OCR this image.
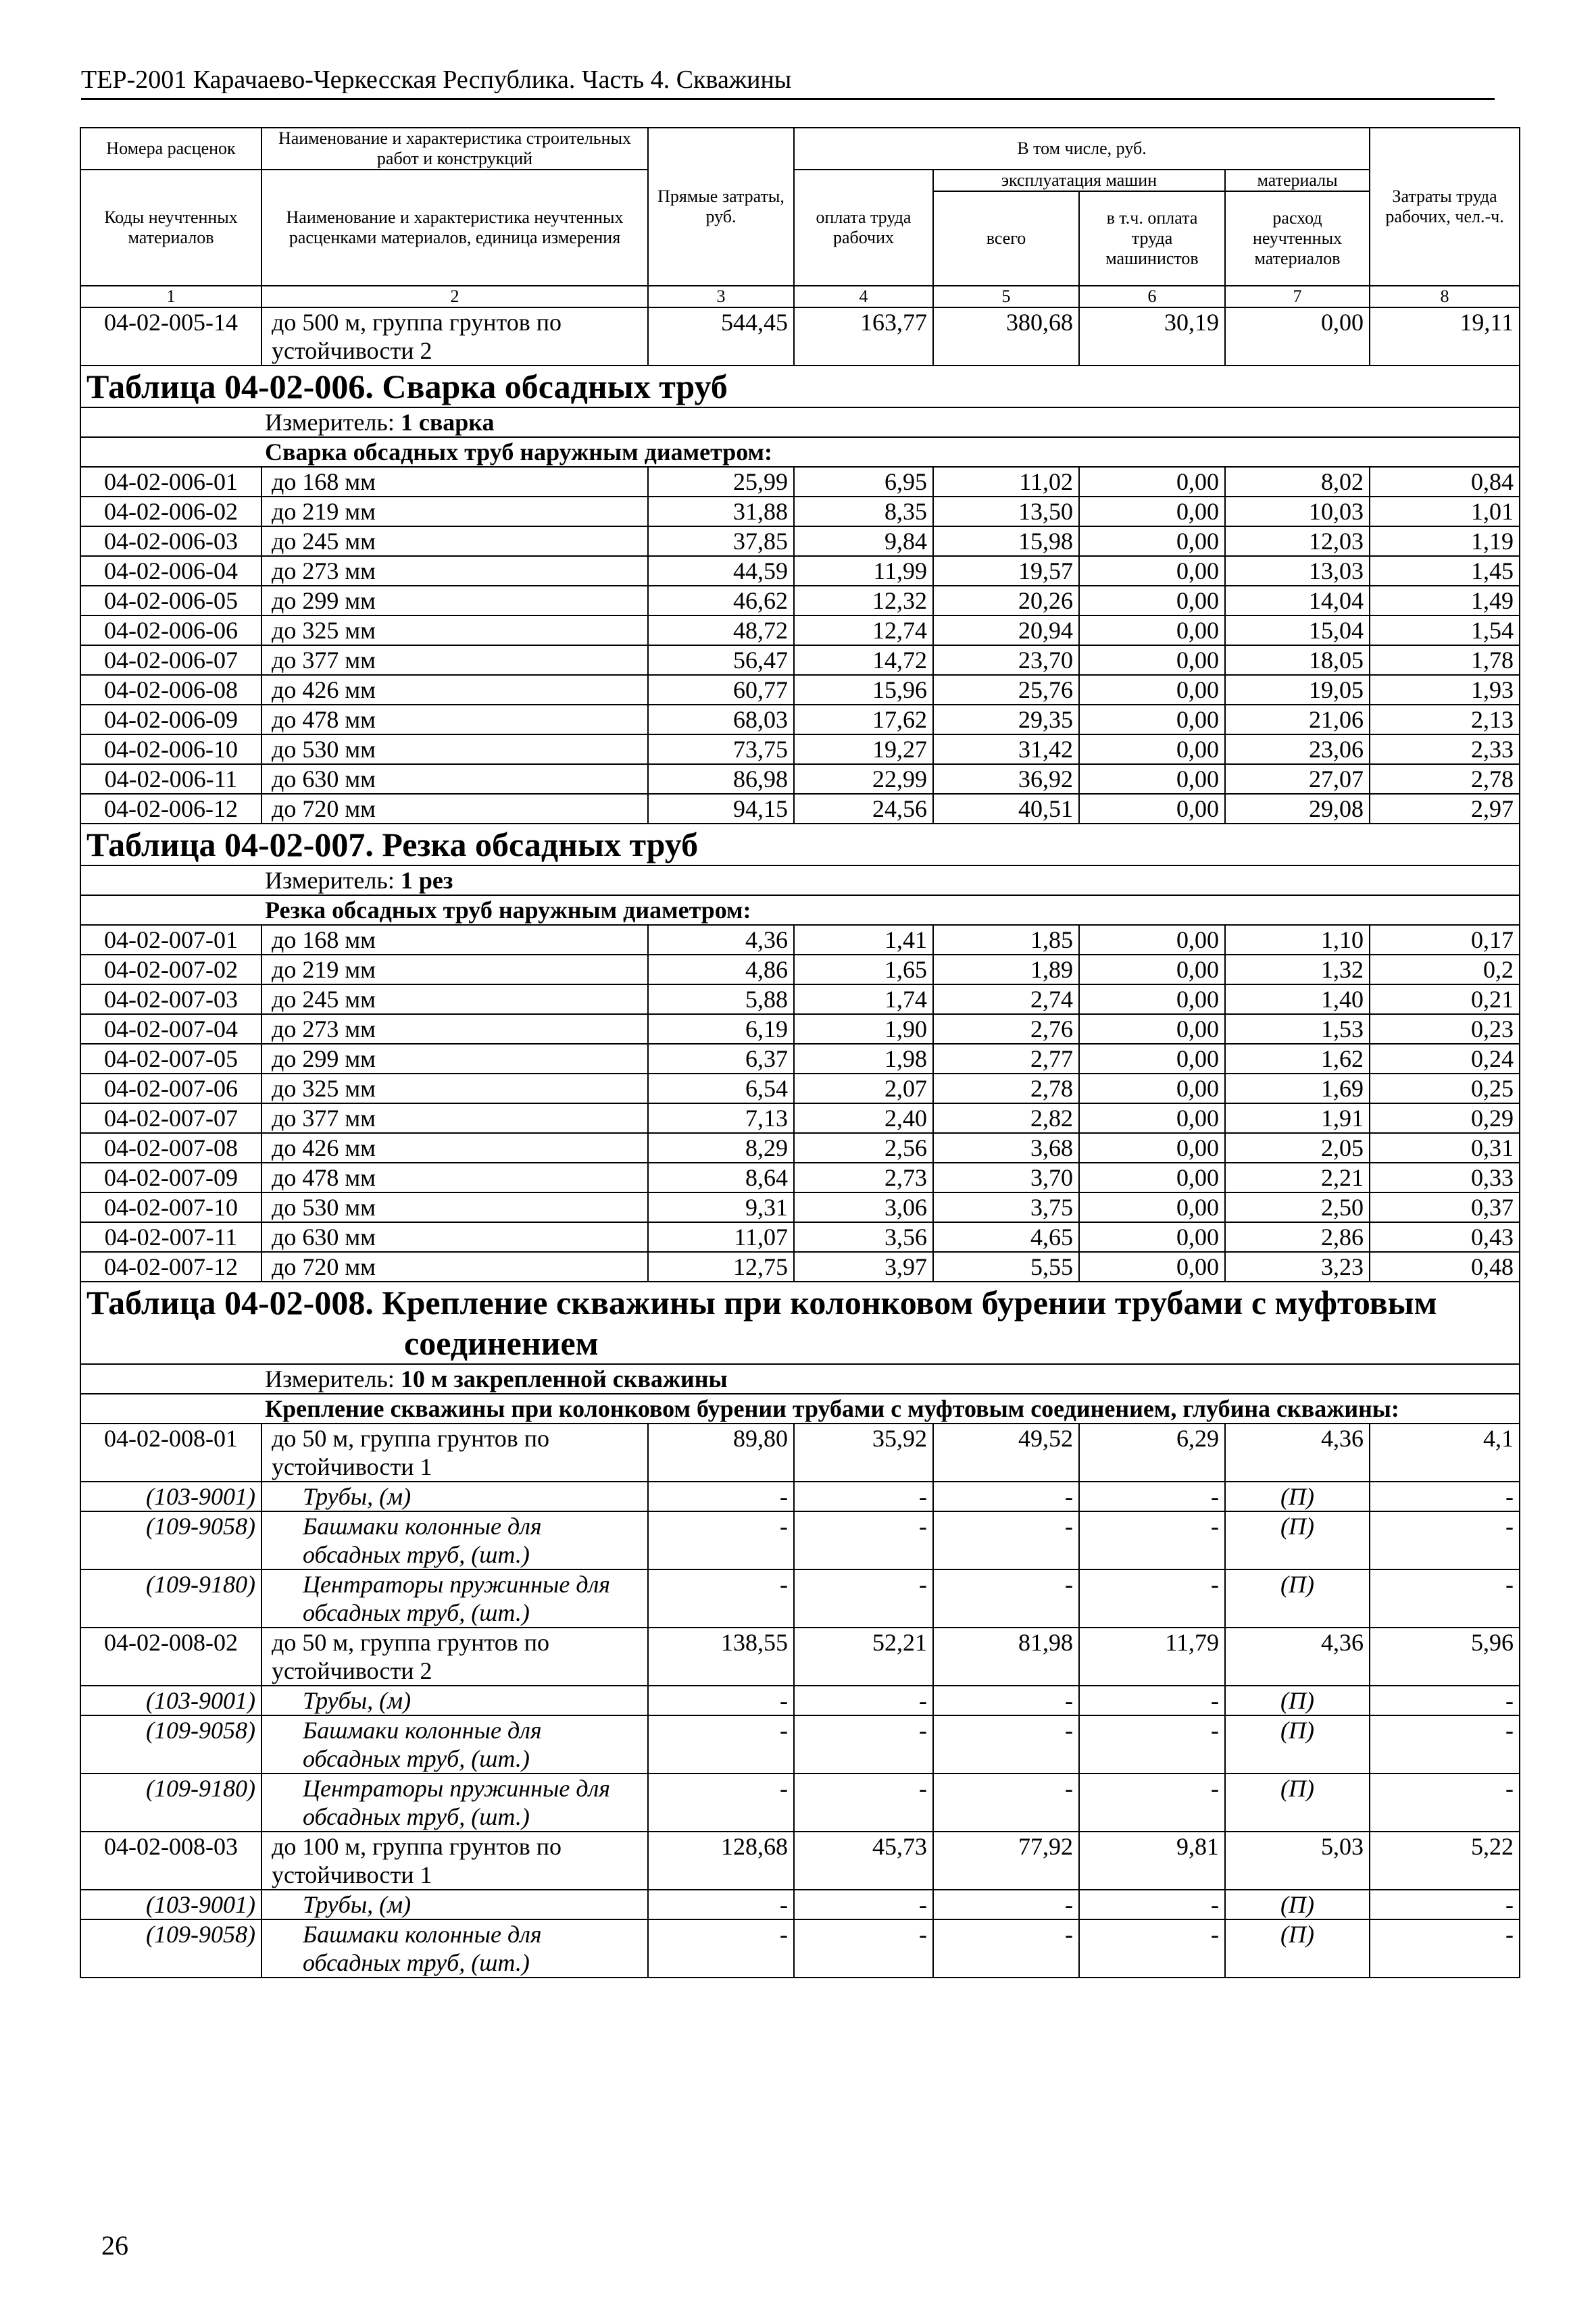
ТЕР-2001 Карачаево-Черкесская Республика. Часть 4. Скважины
Номера расценок	Наименование и характеристика строительных работ и конструкций	Прямые затраты, руб.	В том числе, руб.				Затраты труда рабочих, чел.-ч.
Коды неучтенных материалов	Наименование и характеристика неучтенных расценками материалов, единица измерения		оплата труда рабочих	эксплуатация машин		материалы	
				всего	в т.ч. оплата труда машинистов	расход неучтенных материалов	
1	2	3	4	5	6	7	8
04-02-005-14	до 500 м, группа грунтов по устойчивости 2	544,45	163,77	380,68	30,19	0,00	19,11
Таблица 04-02-006. Сварка обсадных труб							
Измеритель: 1 сварка							
Сварка обсадных труб наружным диаметром:							
04-02-006-01	до 168 мм	25,99	6,95	11,02	0,00	8,02	0,84
04-02-006-02	до 219 мм	31,88	8,35	13,50	0,00	10,03	1,01
04-02-006-03	до 245 мм	37,85	9,84	15,98	0,00	12,03	1,19
04-02-006-04	до 273 мм	44,59	11,99	19,57	0,00	13,03	1,45
04-02-006-05	до 299 мм	46,62	12,32	20,26	0,00	14,04	1,49
04-02-006-06	до 325 мм	48,72	12,74	20,94	0,00	15,04	1,54
04-02-006-07	до 377 мм	56,47	14,72	23,70	0,00	18,05	1,78
04-02-006-08	до 426 мм	60,77	15,96	25,76	0,00	19,05	1,93
04-02-006-09	до 478 мм	68,03	17,62	29,35	0,00	21,06	2,13
04-02-006-10	до 530 мм	73,75	19,27	31,42	0,00	23,06	2,33
04-02-006-11	до 630 мм	86,98	22,99	36,92	0,00	27,07	2,78
04-02-006-12	до 720 мм	94,15	24,56	40,51	0,00	29,08	2,97
Таблица 04-02-007. Резка обсадных труб							
Измеритель: 1 рез							
Резка обсадных труб наружным диаметром:							
04-02-007-01	до 168 мм	4,36	1,41	1,85	0,00	1,10	0,17
04-02-007-02	до 219 мм	4,86	1,65	1,89	0,00	1,32	0,2
04-02-007-03	до 245 мм	5,88	1,74	2,74	0,00	1,40	0,21
04-02-007-04	до 273 мм	6,19	1,90	2,76	0,00	1,53	0,23
04-02-007-05	до 299 мм	6,37	1,98	2,77	0,00	1,62	0,24
04-02-007-06	до 325 мм	6,54	2,07	2,78	0,00	1,69	0,25
04-02-007-07	до 377 мм	7,13	2,40	2,82	0,00	1,91	0,29
04-02-007-08	до 426 мм	8,29	2,56	3,68	0,00	2,05	0,31
04-02-007-09	до 478 мм	8,64	2,73	3,70	0,00	2,21	0,33
04-02-007-10	до 530 мм	9,31	3,06	3,75	0,00	2,50	0,37
04-02-007-11	до 630 мм	11,07	3,56	4,65	0,00	2,86	0,43
04-02-007-12	до 720 мм	12,75	3,97	5,55	0,00	3,23	0,48
Таблица 04-02-008. Крепление скважины при колонковом бурении трубами с муфтовым
соединением							

Измеритель: 10 м закрепленной скважины							
Крепление скважины при колонковом бурении трубами с муфтовым соединением, глубина скважины:							
04-02-008-01	до 50 м, группа грунтов по устойчивости 1	89,80	35,92	49,52	6,29	4,36	4,1
(103-9001)	Трубы, (м)	-	-	-	-	(П)	-
(109-9058)	Башмаки колонные для обсадных труб, (шт.)	-	-	-	-	(П)	-
(109-9180)	Центраторы пружинные для обсадных труб, (шт.)	-	-	-	-	(П)	-
04-02-008-02	до 50 м, группа грунтов по устойчивости 2	138,55	52,21	81,98	11,79	4,36	5,96
(103-9001)	Трубы, (м)	-	-	-	-	(П)	-
(109-9058)	Башмаки колонные для обсадных труб, (шт.)	-	-	-	-	(П)	-
(109-9180)	Центраторы пружинные для обсадных труб, (шт.)	-	-	-	-	(П)	-
04-02-008-03	до 100 м, группа грунтов по устойчивости 1	128,68	45,73	77,92	9,81	5,03	5,22
(103-9001)	Трубы, (м)	-	-	-	-	(П)	-
(109-9058)	Башмаки колонные для обсадных труб, (шт.)	-	-	-	-	(П)	-
26
